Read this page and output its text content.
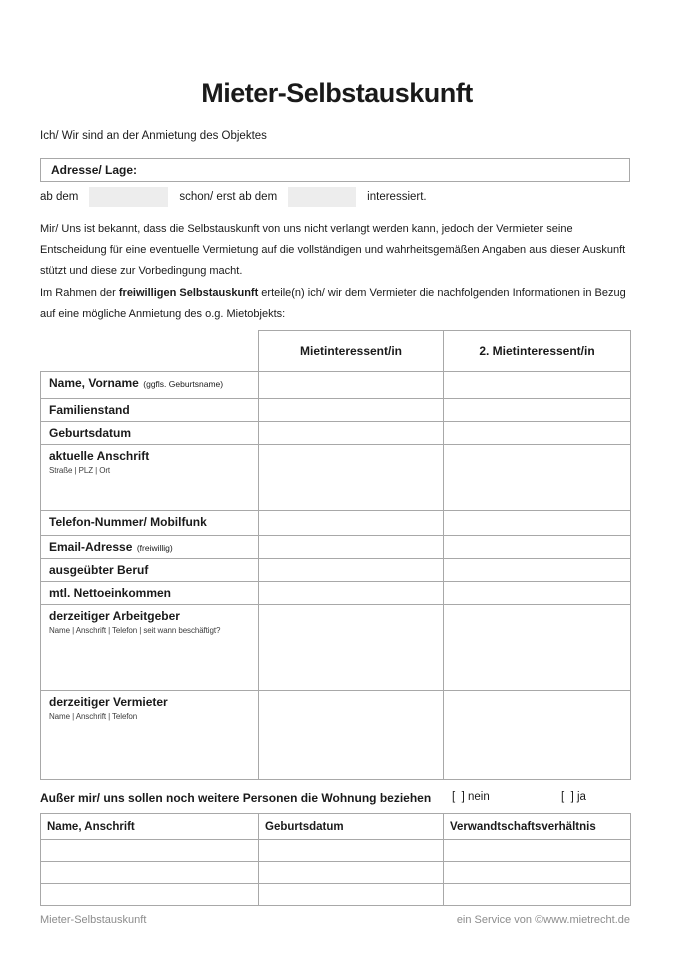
Mieter-Selbstauskunft
Ich/ Wir sind an der Anmietung des Objektes
Adresse/ Lage:
ab dem	schon/ erst ab dem	interessiert.
Mir/ Uns ist bekannt, dass die Selbstauskunft von uns nicht verlangt werden kann, jedoch der Vermieter seine Entscheidung für eine eventuelle Vermietung auf die vollständigen und wahrheitsgemäßen Angaben aus dieser Auskunft stützt und diese zur Vorbedingung macht.
Im Rahmen der freiwilligen Selbstauskunft erteile(n) ich/ wir dem Vermieter die nachfolgenden Informationen in Bezug auf eine mögliche Anmietung des o.g. Mietobjekts:
	Mietinteressent/in	2. Mietinteressent/in
Name, Vorname (ggfls. Geburtsname)		
Familienstand		
Geburtsdatum		
aktuelle Anschrift
Straße | PLZ | Ort		

Telefon-Nummer/ Mobilfunk		
Email-Adresse (freiwillig)		
ausgeübter Beruf		
mtl. Nettoeinkommen		
derzeitiger Arbeitgeber
Name | Anschrift | Telefon | seit wann beschäftigt?		

derzeitiger Vermieter
Name | Anschrift | Telefon		

Außer mir/ uns sollen noch weitere Personen die Wohnung beziehen [  ] nein	[  ] ja
Name, Anschrift	Geburtsdatum	Verwandtschaftsverhältnis

Mieter-Selbstauskunft	ein Service von ©www.mietrecht.de
